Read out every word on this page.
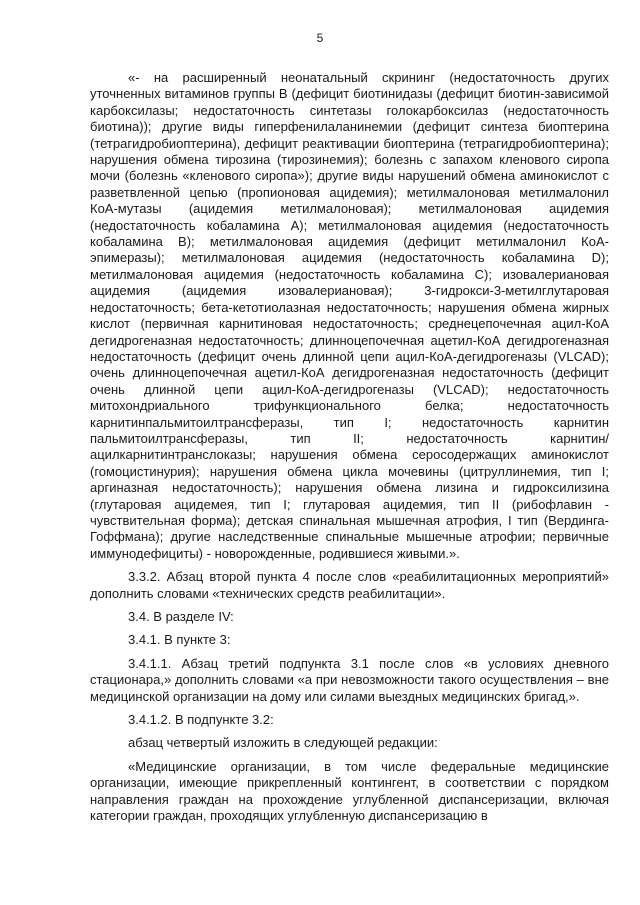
5

«- на расширенный неонатальный скрининг (недостаточность других уточненных витаминов группы В (дефицит биотинидазы (дефицит биотин-зависимой карбоксилазы; недостаточность синтетазы голокарбоксилаз (недостаточность биотина)); другие виды гиперфенилаланинемии (дефицит синтеза биоптерина (тетрагидробиоптерина), дефицит реактивации биоптерина (тетрагидробиоптерина); нарушения обмена тирозина (тирозинемия); болезнь с запахом кленового сиропа мочи (болезнь «кленового сиропа»); другие виды нарушений обмена аминокислот с разветвленной цепью (пропионовая ацидемия); метилмалоновая метилмалонил КоА-мутазы (ацидемия метилмалоновая); метилмалоновая ацидемия (недостаточность кобаламина А); метилмалоновая ацидемия (недостаточность кобаламина В); метилмалоновая ацидемия (дефицит метилмалонил КоА-эпимеразы); метилмалоновая ацидемия (недостаточность кобаламина D); метилмалоновая ацидемия (недостаточность кобаламина С); изовалериановая ацидемия (ацидемия изовалериановая); 3-гидрокси-3-метилглутаровая недостаточность; бета-кетотиолазная недостаточность; нарушения обмена жирных кислот (первичная карнитиновая недостаточность; среднецепочечная ацил-КоА дегидрогеназная недостаточность; длинноцепочечная ацетил-КоА дегидрогеназная недостаточность (дефицит очень длинной цепи ацил-КоА-дегидрогеназы (VLCAD); очень длинноцепочечная ацетил-КоА дегидрогеназная недостаточность (дефицит очень длинной цепи ацил-КоА-дегидрогеназы (VLCAD); недостаточность митохондриального трифункционального белка; недостаточность карнитинпальмитоилтрансферазы, тип I; недостаточность карнитин пальмитоилтрансферазы, тип II; недостаточность карнитин/ацилкарнитинтранслоказы; нарушения обмена серосодержащих аминокислот (гомоцистинурия); нарушения обмена цикла мочевины (цитруллинемия, тип I; аргиназная недостаточность); нарушения обмена лизина и гидроксилизина (глутаровая ацидемея, тип I; глутаровая ацидемия, тип II (рибофлавин - чувствительная форма); детская спинальная мышечная атрофия, I тип (Вердинга-Гоффмана); другие наследственные спинальные мышечные атрофии; первичные иммунодефициты) - новорожденные, родившиеся живыми.».

3.3.2. Абзац второй пункта 4 после слов «реабилитационных мероприятий» дополнить словами «технических средств реабилитации».

3.4. В разделе IV:

3.4.1. В пункте 3:

3.4.1.1. Абзац третий подпункта 3.1 после слов «в условиях дневного стационара,» дополнить словами «а при невозможности такого осуществления – вне медицинской организации на дому или силами выездных медицинских бригад,».

3.4.1.2. В подпункте 3.2:

абзац четвертый изложить в следующей редакции:

«Медицинские организации, в том числе федеральные медицинские организации, имеющие прикрепленный контингент, в соответствии с порядком направления граждан на прохождение углубленной диспансеризации, включая категории граждан, проходящих углубленную диспансеризацию в
